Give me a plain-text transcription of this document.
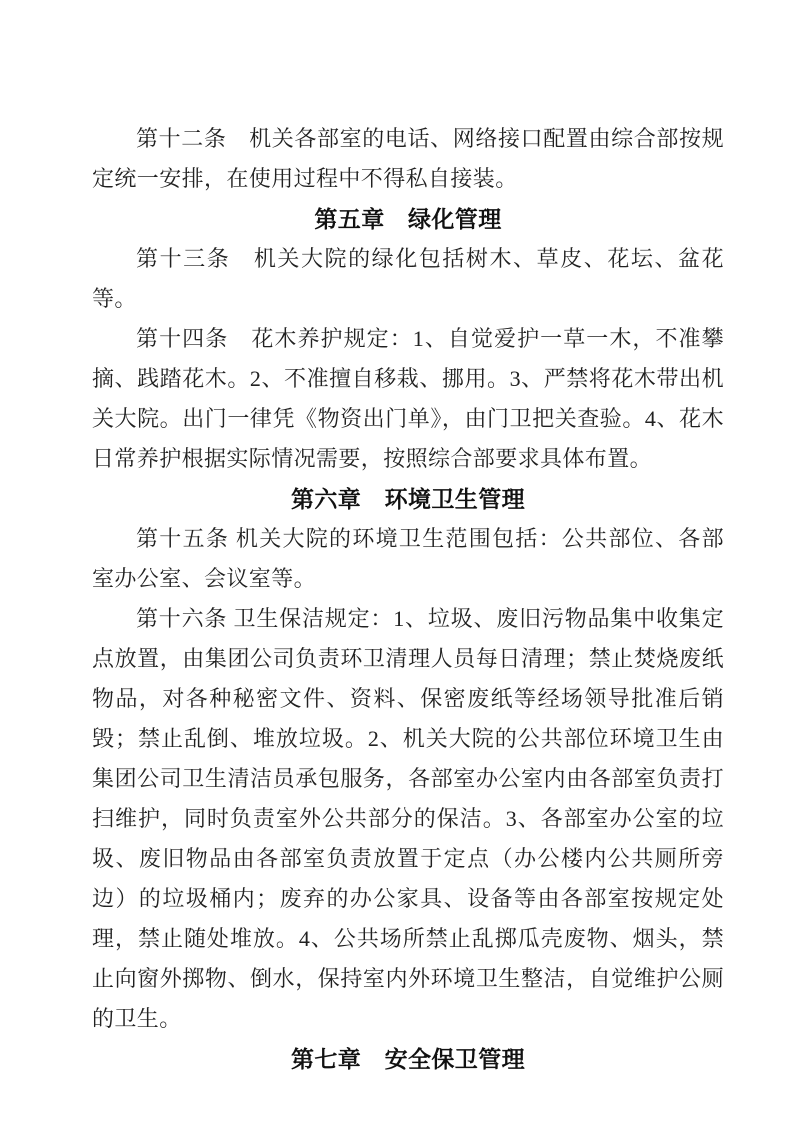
第十二条　机关各部室的电话、网络接口配置由综合部按规定统一安排，在使用过程中不得私自接装。

第五章　绿化管理

第十三条　机关大院的绿化包括树木、草皮、花坛、盆花等。

第十四条　花木养护规定：1、自觉爱护一草一木，不准攀摘、践踏花木。2、不准擅自移栽、挪用。3、严禁将花木带出机关大院。出门一律凭《物资出门单》，由门卫把关查验。4、花木日常养护根据实际情况需要，按照综合部要求具体布置。

第六章　环境卫生管理

第十五条 机关大院的环境卫生范围包括：公共部位、各部室办公室、会议室等。

第十六条 卫生保洁规定：1、垃圾、废旧污物品集中收集定点放置，由集团公司负责环卫清理人员每日清理；禁止焚烧废纸物品，对各种秘密文件、资料、保密废纸等经场领导批准后销毁；禁止乱倒、堆放垃圾。2、机关大院的公共部位环境卫生由集团公司卫生清洁员承包服务，各部室办公室内由各部室负责打扫维护，同时负责室外公共部分的保洁。3、各部室办公室的垃圾、废旧物品由各部室负责放置于定点（办公楼内公共厕所旁边）的垃圾桶内；废弃的办公家具、设备等由各部室按规定处理，禁止随处堆放。4、公共场所禁止乱掷瓜壳废物、烟头，禁止向窗外掷物、倒水，保持室内外环境卫生整洁，自觉维护公厕的卫生。

第七章　安全保卫管理
